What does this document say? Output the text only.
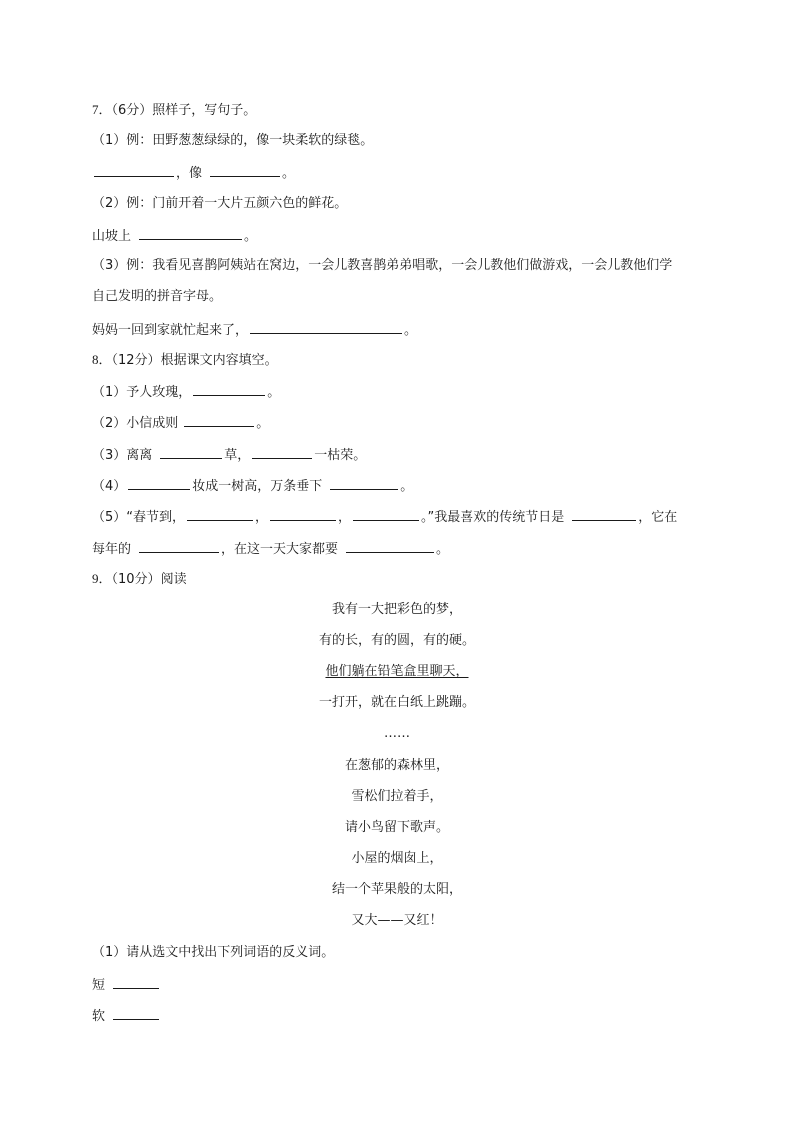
7．（6分）照样子，写句子。
（1）例：田野葱葱绿绿的，像一块柔软的绿毯。
，像	。
（2）例：门前开着一大片五颜六色的鲜花。
山坡上	。
（3）例：我看见喜鹊阿姨站在窝边，一会儿教喜鹊弟弟唱歌，一会儿教他们做游戏，一会儿教他们学
自己发明的拼音字母。
妈妈一回到家就忙起来了，	。
8．（12分）根据课文内容填空。
（1）予人玫瑰，	。
（2）小信成则	。
（3）离离	草，	一枯荣。
（4）	妆成一树高，万条垂下	。
（5）“春节到，	，	，	。”我最喜欢的传统节日是	，它在
每年的	，在这一天大家都要	。
9．（10分）阅读
我有一大把彩色的梦，
有的长，有的圆，有的硬。
他们躺在铅笔盒里聊天，
一打开，就在白纸上跳蹦。
……
在葱郁的森林里，
雪松们拉着手，
请小鸟留下歌声。
小屋的烟囱上，
结一个苹果般的太阳，
又大——又红！
（1）请从选文中找出下列词语的反义词。
短
软
